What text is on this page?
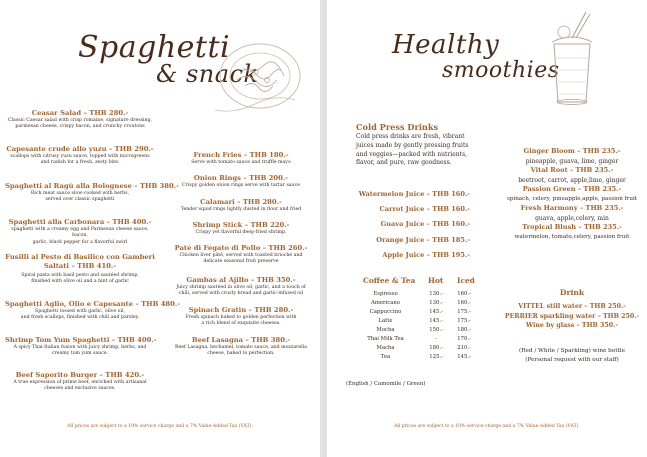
Spaghetti
& snack
Ceasar Salad – THB 280.-
Classic Caesar salad with crisp romaine, signature dressing,
parmesan cheese, crispy bacon, and crunchy croutons
Capesante crude allo yuzu – THB 290.-
scallops with citrusy yuzu sauce, topped with microgreens
and radish for a fresh, zesty bite.
Spaghetti al Ragù alla Bolognese – THB 380.-
Rich meat sauce slow-cooked with herbs,
served over classic spaghetti
Spaghetti alla Carbonara – THB 400.-
spaghetti with a creamy egg and Parmesan cheese sauce, bacon,
garlic, black pepper for a flavorful swirl
Fusilli al Pesto di Basilico con Gamberi Saltati – THB 410.-
Spiral pasta with basil pesto and sautéed shrimp,
finished with olive oil and a hint of garlic
Spaghetti Aglio, Olio e Capesante – THB 480.-
Spaghetti tossed with garlic, olive oil,
and fresh scallops, finished with chili and parsley.
Shrimp Tom Yum Spaghetti – THB 400.-
A spicy Thai-Italian fusion with juicy shrimp, herbs, and
creamy tom yum sauce.
Beef Saporito Burger – THB 420.-
A true expression of prime beef, enriched with artisanal
cheeses and exclusive sauces.
French Fries – THB 180.-
Serve with tomato sauce and truffle mayo
Onion Rings – THB 200.-
Crispy golden onion rings serve with tartar sauce
Calamari – THB 280.-
Tender squid rings lightly dusted in flour and fried
Shrimp Stick – THB 220.-
Crispy yet flavorful deep-fried shrimp.
Paté di Fegato di Pollo – THB 260.-
Chicken liver pâté, served with toasted brioche and
delicate seasonal fruit preserve
Gambas al Ajillo – THB 350.-
Juicy shrimp sautéed in olive oil, garlic, and a touch of
chili, served with crusty bread and garlic-infused oil
Spinach Gratin – THB 280.-
Fresh spinach baked to golden perfection with
a rich blend of exquisite cheeses.
Beef Lasagna – THB 380.-
Beef Lasagna, bechamel, tomato sauce, and mozzarella
cheese, baked to perfection.
All prices are subject to a 10% service charge and a 7% Value-Added Tax (VAT).
Healthy
smoothies
Cold Press Drinks
Cold press drinks are fresh, vibrant
juices made by gently pressing fruits
and veggies—packed with nutrients,
flavor, and pure, raw goodness.
Watermelon Juice – THB 160.-
Carrot Juice – THB 160.-
Guava Juice – THB 160.-
Orange Juice – THB 185.-
Apple Juice – THB 195.-
Ginger Bloom – THB 235.-
pineapple, guava, lime, ginger
Vital Root – THB 235.-
beetroot, carrot, apple,lime, ginger
Passion Green – THB 235.-
spinach, celery, pineapple,apple, passion fruit
Fresh Harmony – THB 235.-
guava, apple,celery, min
Tropical Blush – THB 235.-
watermelon, tomato,celery, passion fruit
Coffee & Tea Hot Iced
Espresso	130.-	160.-
Americano	130.-	160.-
Cappuccino	145.-	175.-
Latte	145.-	175.-
Mocha	150.-	180.-
Thai Milk Tea	-	170.-
Macha	180.-	210.-
Tea	125.-	145.-
(English / Camomile / Green)
Drink
VITTEL still water – THB 250.-
PERRIER sparkling water – THB 250.-
Wine by glass – THB 350.-
(Red / White / Sparkling) wine bottle
(Personal request with our staff)
All prices are subject to a 10% service charge and a 7% Value-Added Tax (VAT).
